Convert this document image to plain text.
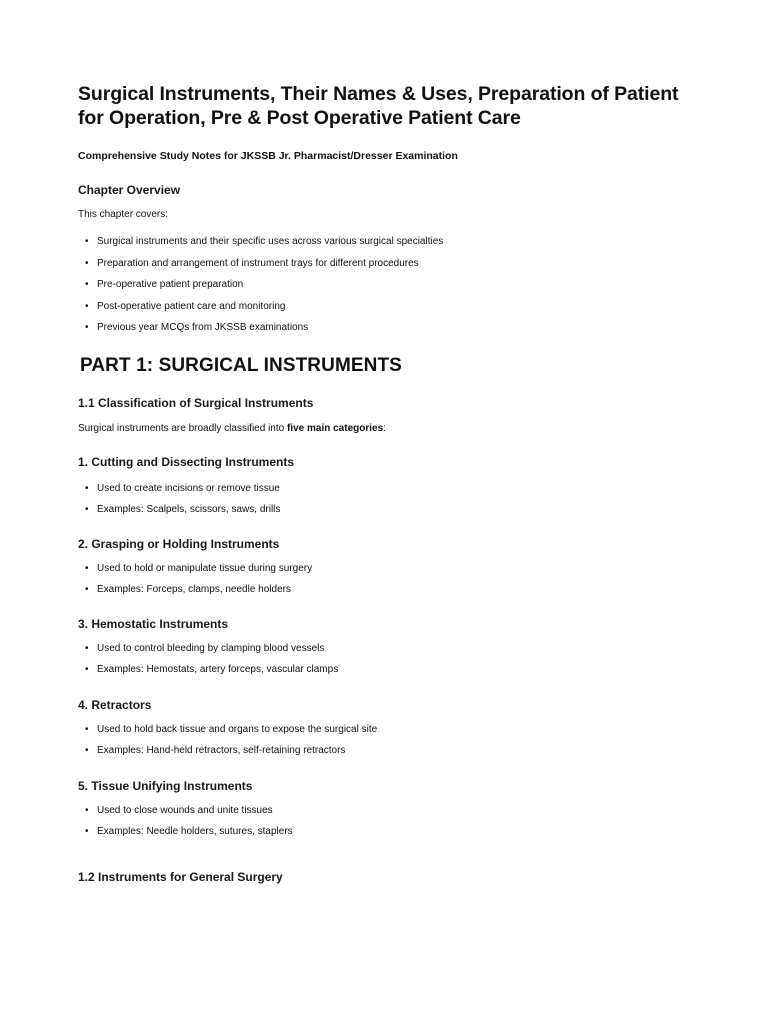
Surgical Instruments, Their Names & Uses, Preparation of Patient

for Operation, Pre & Post Operative Patient Care

Comprehensive Study Notes for JKSSB Jr. Pharmacist/Dresser Examination

Chapter Overview

This chapter covers:

• Surgical instruments and their specific uses across various surgical specialties
• Preparation and arrangement of instrument trays for different procedures
• Pre-operative patient preparation
• Post-operative patient care and monitoring
• Previous year MCQs from JKSSB examinations

PART 1: SURGICAL INSTRUMENTS

1.1 Classification of Surgical Instruments

Surgical instruments are broadly classified into five main categories:

1. Cutting and Dissecting Instruments

• Used to create incisions or remove tissue
• Examples: Scalpels, scissors, saws, drills

2. Grasping or Holding Instruments

• Used to hold or manipulate tissue during surgery
• Examples: Forceps, clamps, needle holders

3. Hemostatic Instruments

• Used to control bleeding by clamping blood vessels
• Examples: Hemostats, artery forceps, vascular clamps

4. Retractors

• Used to hold back tissue and organs to expose the surgical site
• Examples: Hand-held retractors, self-retaining retractors

5. Tissue Unifying Instruments

• Used to close wounds and unite tissues
• Examples: Needle holders, sutures, staplers

1.2 Instruments for General Surgery
